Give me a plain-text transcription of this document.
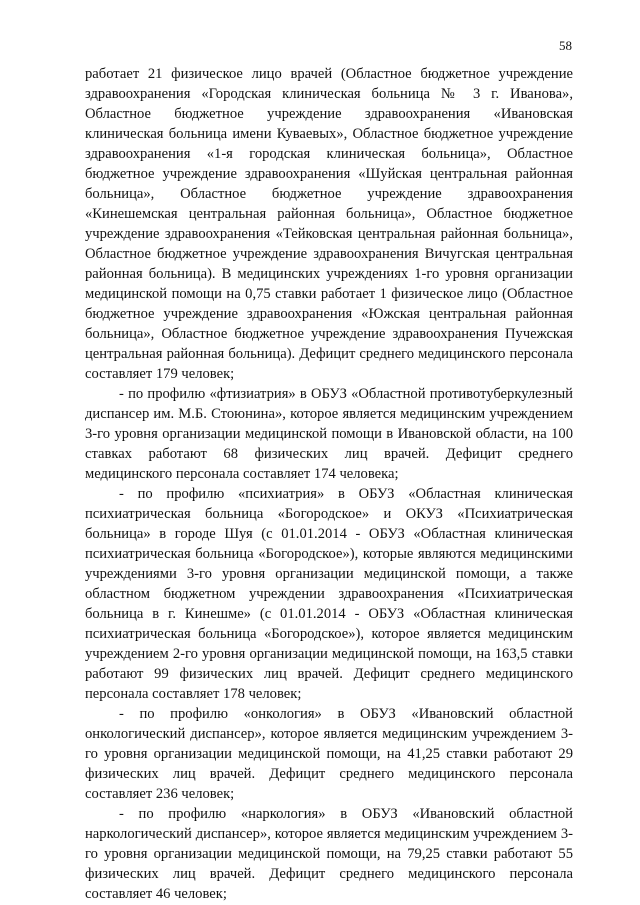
58

работает 21 физическое лицо врачей (Областное бюджетное учреждение здравоохранения «Городская клиническая больница № 3 г. Иванова», Областное бюджетное учреждение здравоохранения «Ивановская клиническая больница имени Куваевых», Областное бюджетное учреждение здравоохранения «1-я городская клиническая больница», Областное бюджетное учреждение здравоохранения «Шуйская центральная районная больница», Областное бюджетное учреждение здравоохранения «Кинешемская центральная районная больница», Областное бюджетное учреждение здравоохранения «Тейковская центральная районная больница», Областное бюджетное учреждение здравоохранения Вичугская центральная районная больница). В медицинских учреждениях 1-го уровня организации медицинской помощи на 0,75 ставки работает 1 физическое лицо (Областное бюджетное учреждение здравоохранения «Южская центральная районная больница», Областное бюджетное учреждение здравоохранения Пучежская центральная районная больница). Дефицит среднего медицинского персонала составляет 179 человек;

- по профилю «фтизиатрия» в ОБУЗ «Областной противотуберкулезный диспансер им. М.Б. Стоюнина», которое является медицинским учреждением 3-го уровня организации медицинской помощи в Ивановской области, на 100 ставках работают 68 физических лиц врачей. Дефицит среднего медицинского персонала составляет 174 человека;

- по профилю «психиатрия» в ОБУЗ «Областная клиническая психиатрическая больница «Богородское» и ОКУЗ «Психиатрическая больница» в городе Шуя (с 01.01.2014 - ОБУЗ «Областная клиническая психиатрическая больница «Богородское»), которые являются медицинскими учреждениями 3-го уровня организации медицинской помощи, а также областном бюджетном учреждении здравоохранения «Психиатрическая больница в г. Кинешме» (с 01.01.2014 - ОБУЗ «Областная клиническая психиатрическая больница «Богородское»), которое является медицинским учреждением 2-го уровня организации медицинской помощи, на 163,5 ставки работают 99 физических лиц врачей. Дефицит среднего медицинского персонала составляет 178 человек;

- по профилю «онкология» в ОБУЗ «Ивановский областной онкологический диспансер», которое является медицинским учреждением 3-го уровня организации медицинской помощи, на 41,25 ставки работают 29 физических лиц врачей. Дефицит среднего медицинского персонала составляет 236 человек;

- по профилю «наркология» в ОБУЗ «Ивановский областной наркологический диспансер», которое является медицинским учреждением 3-го уровня организации медицинской помощи, на 79,25 ставки работают 55 физических лиц врачей. Дефицит среднего медицинского персонала составляет 46 человек;
